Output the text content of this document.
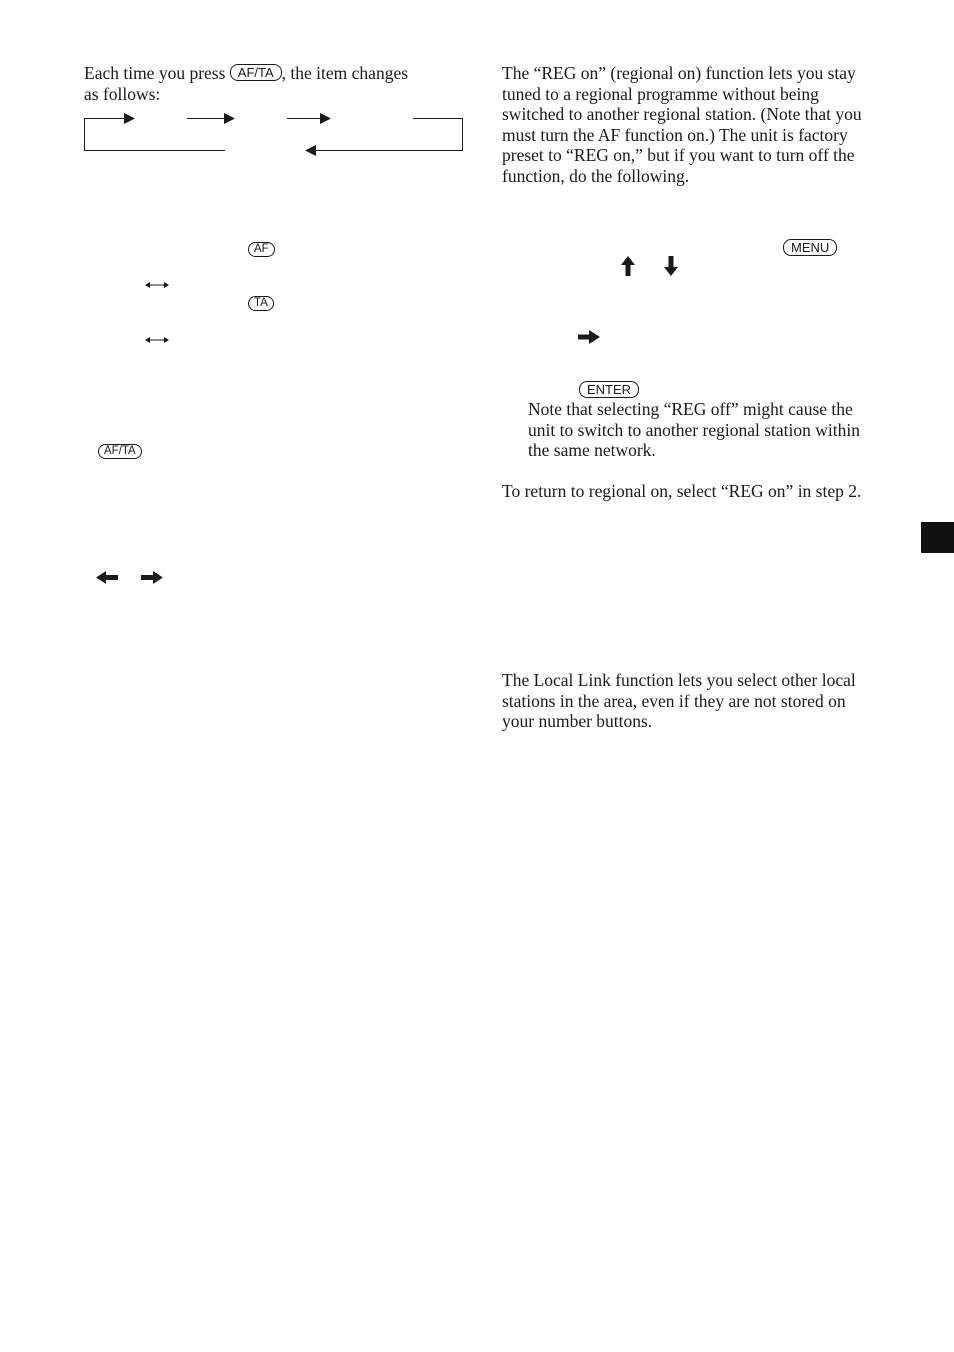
Each time you press AF/TA , the item changes
as follows:

AF
TA
AF/TA

The “REG on” (regional on) function lets you stay tuned to a regional programme without being switched to another regional station. (Note that you must turn the AF function on.) The unit is factory preset to “REG on,” but if you want to turn off the function, do the following.

MENU
ENTER

Note that selecting “REG off” might cause the unit to switch to another regional station within the same network.

To return to regional on, select “REG on” in step 2.

The Local Link function lets you select other local stations in the area, even if they are not stored on your number buttons.
